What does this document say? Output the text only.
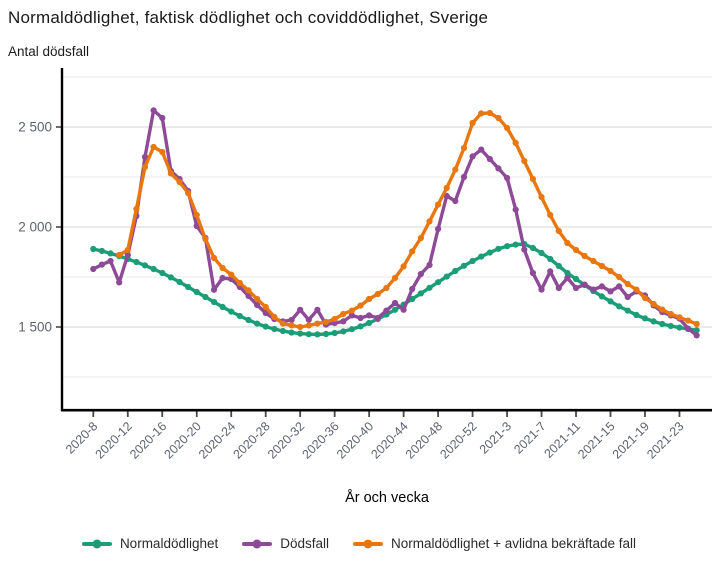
Normaldödlighet, faktisk dödlighet och coviddödlighet, Sverige
Antal dödsfall
1 500
2 000
2 500
2020-8
2020-12
2020-16
2020-20
2020-24
2020-28
2020-32
2020-36
2020-40
2020-44
2020-48
2020-52
2021-3
2021-7
2021-11
2021-15
2021-19
2021-23
År och vecka
Normaldödlighet	Dödsfall	Normaldödlighet + avlidna bekräftade fall
